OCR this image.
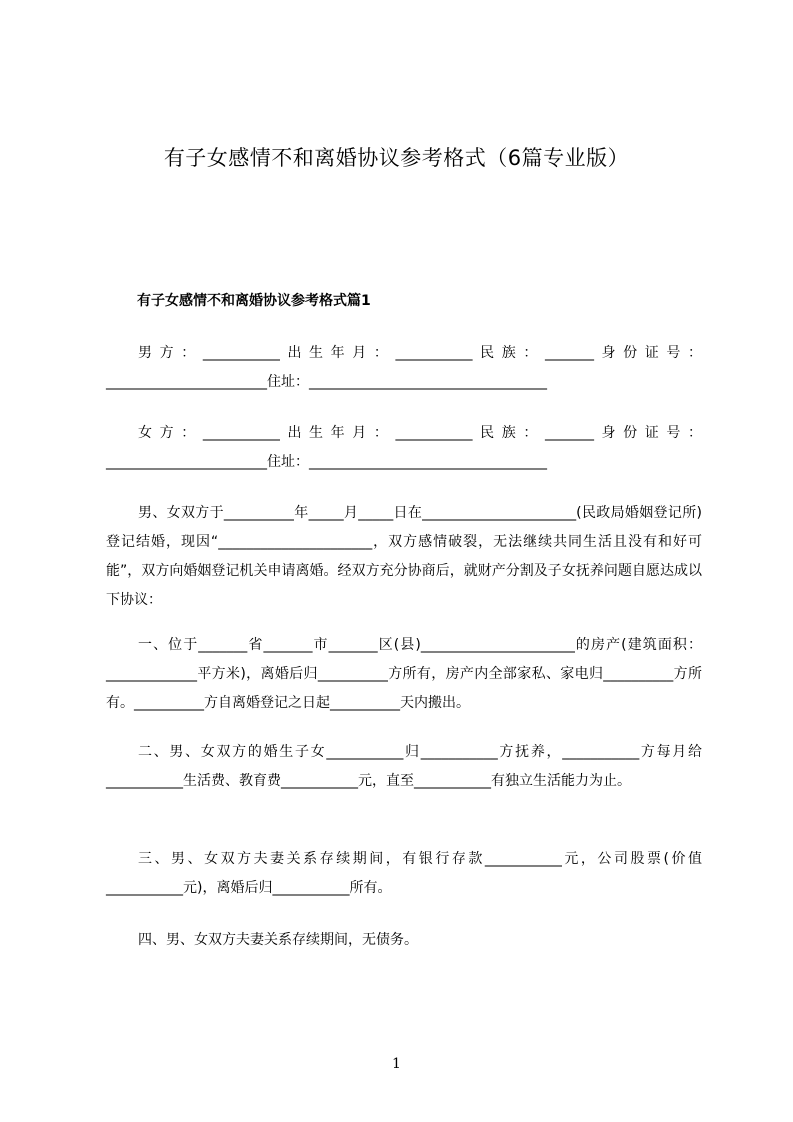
有子女感情不和离婚协议参考格式（6篇专业版）
有子女感情不和离婚协议参考格式篇1

男方：___________出生年月：___________民族：_______身份证号：_______________________住址：__________________________________

女方：___________出生年月：___________民族：_______身份证号：_______________________住址：__________________________________

男、女双方于__________年_____月_____日在______________________(民政局婚姻登记所)登记结婚，现因“______________________，双方感情破裂，无法继续共同生活且没有和好可能”，双方向婚姻登记机关申请离婚。经双方充分协商后，就财产分割及子女抚养问题自愿达成以下协议：

一、位于_______省_______市_______区(县)______________________的房产(建筑面积：_____________平方米)，离婚后归__________方所有，房产内全部家私、家电归__________方所有。__________方自离婚登记之日起__________天内搬出。

二、男、女双方的婚生子女___________归___________方抚养，___________方每月给___________生活费、教育费___________元，直至___________有独立生活能力为止。

三、男、女双方夫妻关系存续期间，有银行存款___________元，公司股票(价值___________元)，离婚后归___________所有。

四、男、女双方夫妻关系存续期间，无债务。

1
